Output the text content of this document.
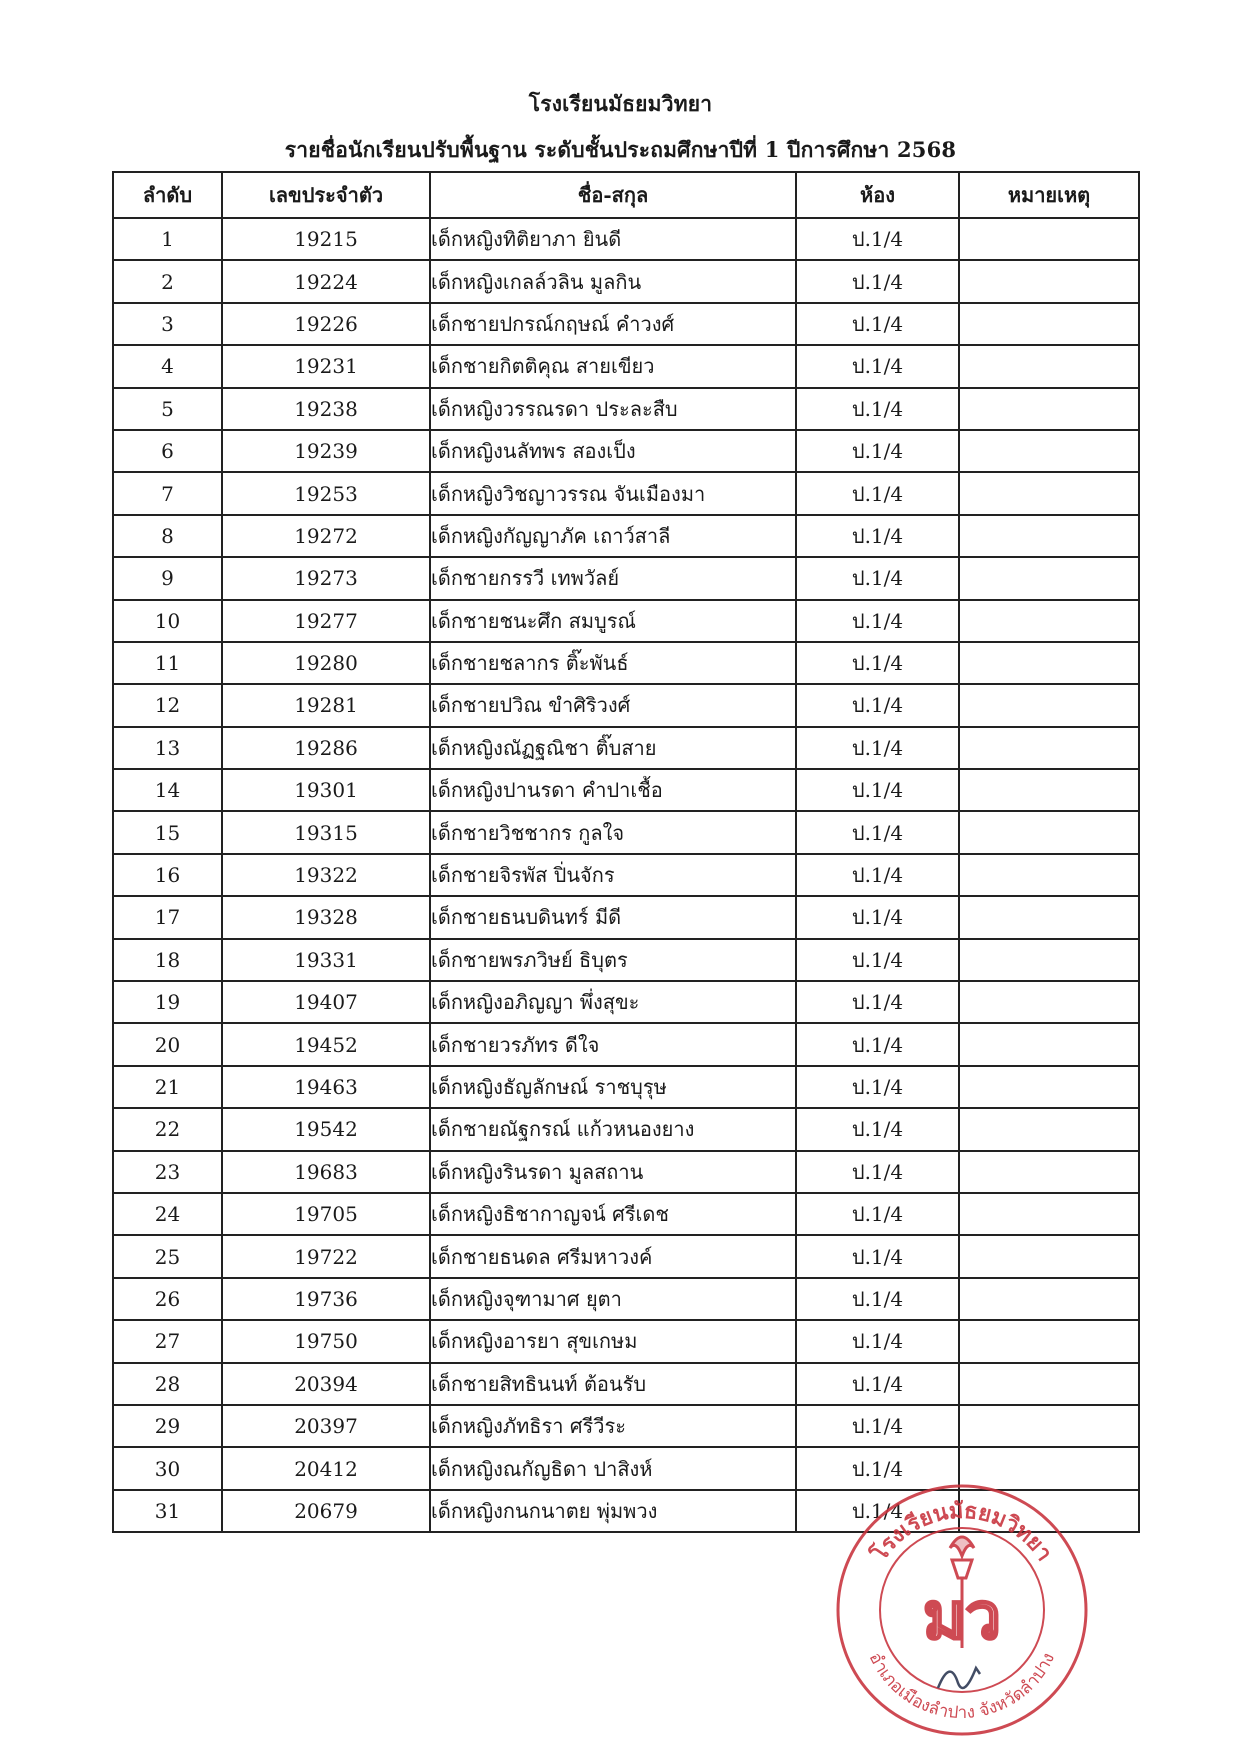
โรงเรียนมัธยมวิทยา
รายชื่อนักเรียนปรับพื้นฐาน ระดับชั้นประถมศึกษาปีที่ 1 ปีการศึกษา 2568
ลำดับ	เลขประจำตัว	ชื่อ-สกุล	ห้อง	หมายเหตุ
1	19215	เด็กหญิงทิติยาภา ยินดี	ป.1/4	
2	19224	เด็กหญิงเกลล์วลิน มูลกิน	ป.1/4	
3	19226	เด็กชายปกรณ์กฤษณ์ คำวงศ์	ป.1/4	
4	19231	เด็กชายกิตติคุณ สายเขียว	ป.1/4	
5	19238	เด็กหญิงวรรณรดา ประละสืบ	ป.1/4	
6	19239	เด็กหญิงนลัทพร สองเป็ง	ป.1/4	
7	19253	เด็กหญิงวิชญาวรรณ จันเมืองมา	ป.1/4	
8	19272	เด็กหญิงกัญญาภัค เถาว์สาลี	ป.1/4	
9	19273	เด็กชายกรรวี เทพวัลย์	ป.1/4	
10	19277	เด็กชายชนะศึก สมบูรณ์	ป.1/4	
11	19280	เด็กชายชลากร ติ๊ะพันธ์	ป.1/4	
12	19281	เด็กชายปวิณ ขำศิริวงศ์	ป.1/4	
13	19286	เด็กหญิงณัฏฐณิชา ติ๊บสาย	ป.1/4	
14	19301	เด็กหญิงปานรดา คำปาเชื้อ	ป.1/4	
15	19315	เด็กชายวิชชากร กูลใจ	ป.1/4	
16	19322	เด็กชายจิรพัส ปิ่นจักร	ป.1/4	
17	19328	เด็กชายธนบดินทร์ มีดี	ป.1/4	
18	19331	เด็กชายพรภวิษย์ ธิบุตร	ป.1/4	
19	19407	เด็กหญิงอภิญญา พึ่งสุขะ	ป.1/4	
20	19452	เด็กชายวรภัทร ดีใจ	ป.1/4	
21	19463	เด็กหญิงธัญลักษณ์ ราชบุรุษ	ป.1/4	
22	19542	เด็กชายณัฐกรณ์ แก้วหนองยาง	ป.1/4	
23	19683	เด็กหญิงรินรดา มูลสถาน	ป.1/4	
24	19705	เด็กหญิงธิชากาญจน์ ศรีเดช	ป.1/4	
25	19722	เด็กชายธนดล ศรีมหาวงค์	ป.1/4	
26	19736	เด็กหญิงจุฑามาศ ยุตา	ป.1/4	
27	19750	เด็กหญิงอารยา สุขเกษม	ป.1/4	
28	20394	เด็กชายสิทธินนท์ ต้อนรับ	ป.1/4	
29	20397	เด็กหญิงภัทธิรา ศรีวีระ	ป.1/4	
30	20412	เด็กหญิงณกัญธิดา ปาสิงห์	ป.1/4	
31	20679	เด็กหญิงกนกนาตย พุ่มพวง	ป.1/4	
โรงเรียนมัธยมวิทยา
อำเภอเมืองลำปาง จังหวัดลำปาง
มว
